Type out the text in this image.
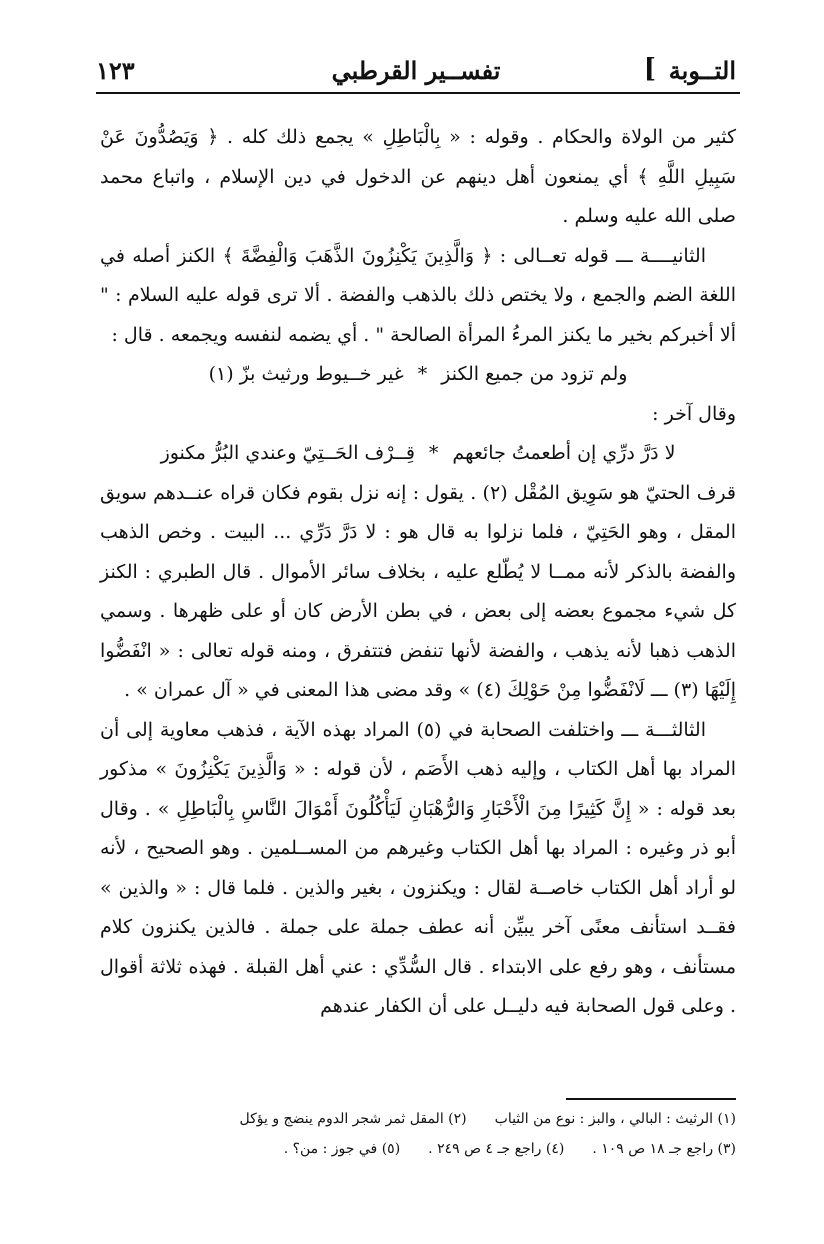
التــوبة
]
تفســير القرطبي
١٢٣

كثير من الولاة والحكام . وقوله : « بِالْبَاطِلِ » يجمع ذلك كله . ﴿ وَيَصُدُّونَ عَنْ سَبِيلِ اللَّهِ ﴾ أي يمنعون أهل دينهم عن الدخول في دين الإسلام ، واتباع محمد صلى الله عليه وسلم .

الثانيــــة ـــ قوله تعــالى : ﴿ وَالَّذِينَ يَكْنِزُونَ الذَّهَبَ وَالْفِضَّةَ ﴾ الكنز أصله في اللغة الضم والجمع ، ولا يختص ذلك بالذهب والفضة . ألا ترى قوله عليه السلام : " ألا أخبركم بخير ما يكنز المرءُ المرأة الصالحة " . أي يضمه لنفسه ويجمعه . قال :

ولم تزود من جميع الكنز*غير خــيوط ورثيث بزّ (١)

وقال آخر :

لا دَرَّ درِّي إن أطعمتُ جائعهم*قِــرْف الحَــتِيّ وعندي البُرُّ مكنوز

قرف الحتيّ هو سَوِيق المُقْل (٢) . يقول : إنه نزل بقوم فكان قراه عنــدهم سويق المقل ، وهو الحَتِيّ ، فلما نزلوا به قال هو : لا دَرَّ دَرِّي ... البيت . وخص الذهب والفضة بالذكر لأنه ممــا لا يُطّلع عليه ، بخلاف سائر الأموال . قال الطبري : الكنز كل شيء مجموع بعضه إلى بعض ، في بطن الأرض كان أو على ظهرها . وسمي الذهب ذهبا لأنه يذهب ، والفضة لأنها تنفض فتتفرق ، ومنه قوله تعالى : « انْفَضُّوا إِلَيْهَا (٣) ـــ لَانْفَضُّوا مِنْ حَوْلِكَ (٤) » وقد مضى هذا المعنى في « آل عمران » .

الثالثـــة ـــ واختلفت الصحابة في (٥) المراد بهذه الآية ، فذهب معاوية إلى أن المراد بها أهل الكتاب ، وإليه ذهب الأَصَم ، لأن قوله : « وَالَّذِينَ يَكْنِزُونَ » مذكور بعد قوله : « إِنَّ كَثِيرًا مِنَ الْأَحْبَارِ وَالرُّهْبَانِ لَيَأْكُلُونَ أَمْوَالَ النَّاسِ بِالْبَاطِلِ » . وقال أبو ذر وغيره : المراد بها أهل الكتاب وغيرهم من المســلمين . وهو الصحيح ، لأنه لو أراد أهل الكتاب خاصــة لقال : ويكنزون ، بغير والذين . فلما قال : « والذين » فقــد استأنف معنًى آخر يبيِّن أنه عطف جملة على جملة . فالذين يكنزون كلام مستأنف ، وهو رفع على الابتداء . قال السُّدِّي : عني أهل القبلة . فهذه ثلاثة أقوال . وعلى قول الصحابة فيه دليــل على أن الكفار عندهم

(١) الرثيث : البالي ، والبز : نوع من الثياب
(٢) المقل ثمر شجر الدوم ينضج و يؤكل
(٣) راجع جـ ١٨ ص ١٠٩ .
(٤) راجع جـ ٤ ص ٢٤٩ .
(٥) في جوز : من؟ .
